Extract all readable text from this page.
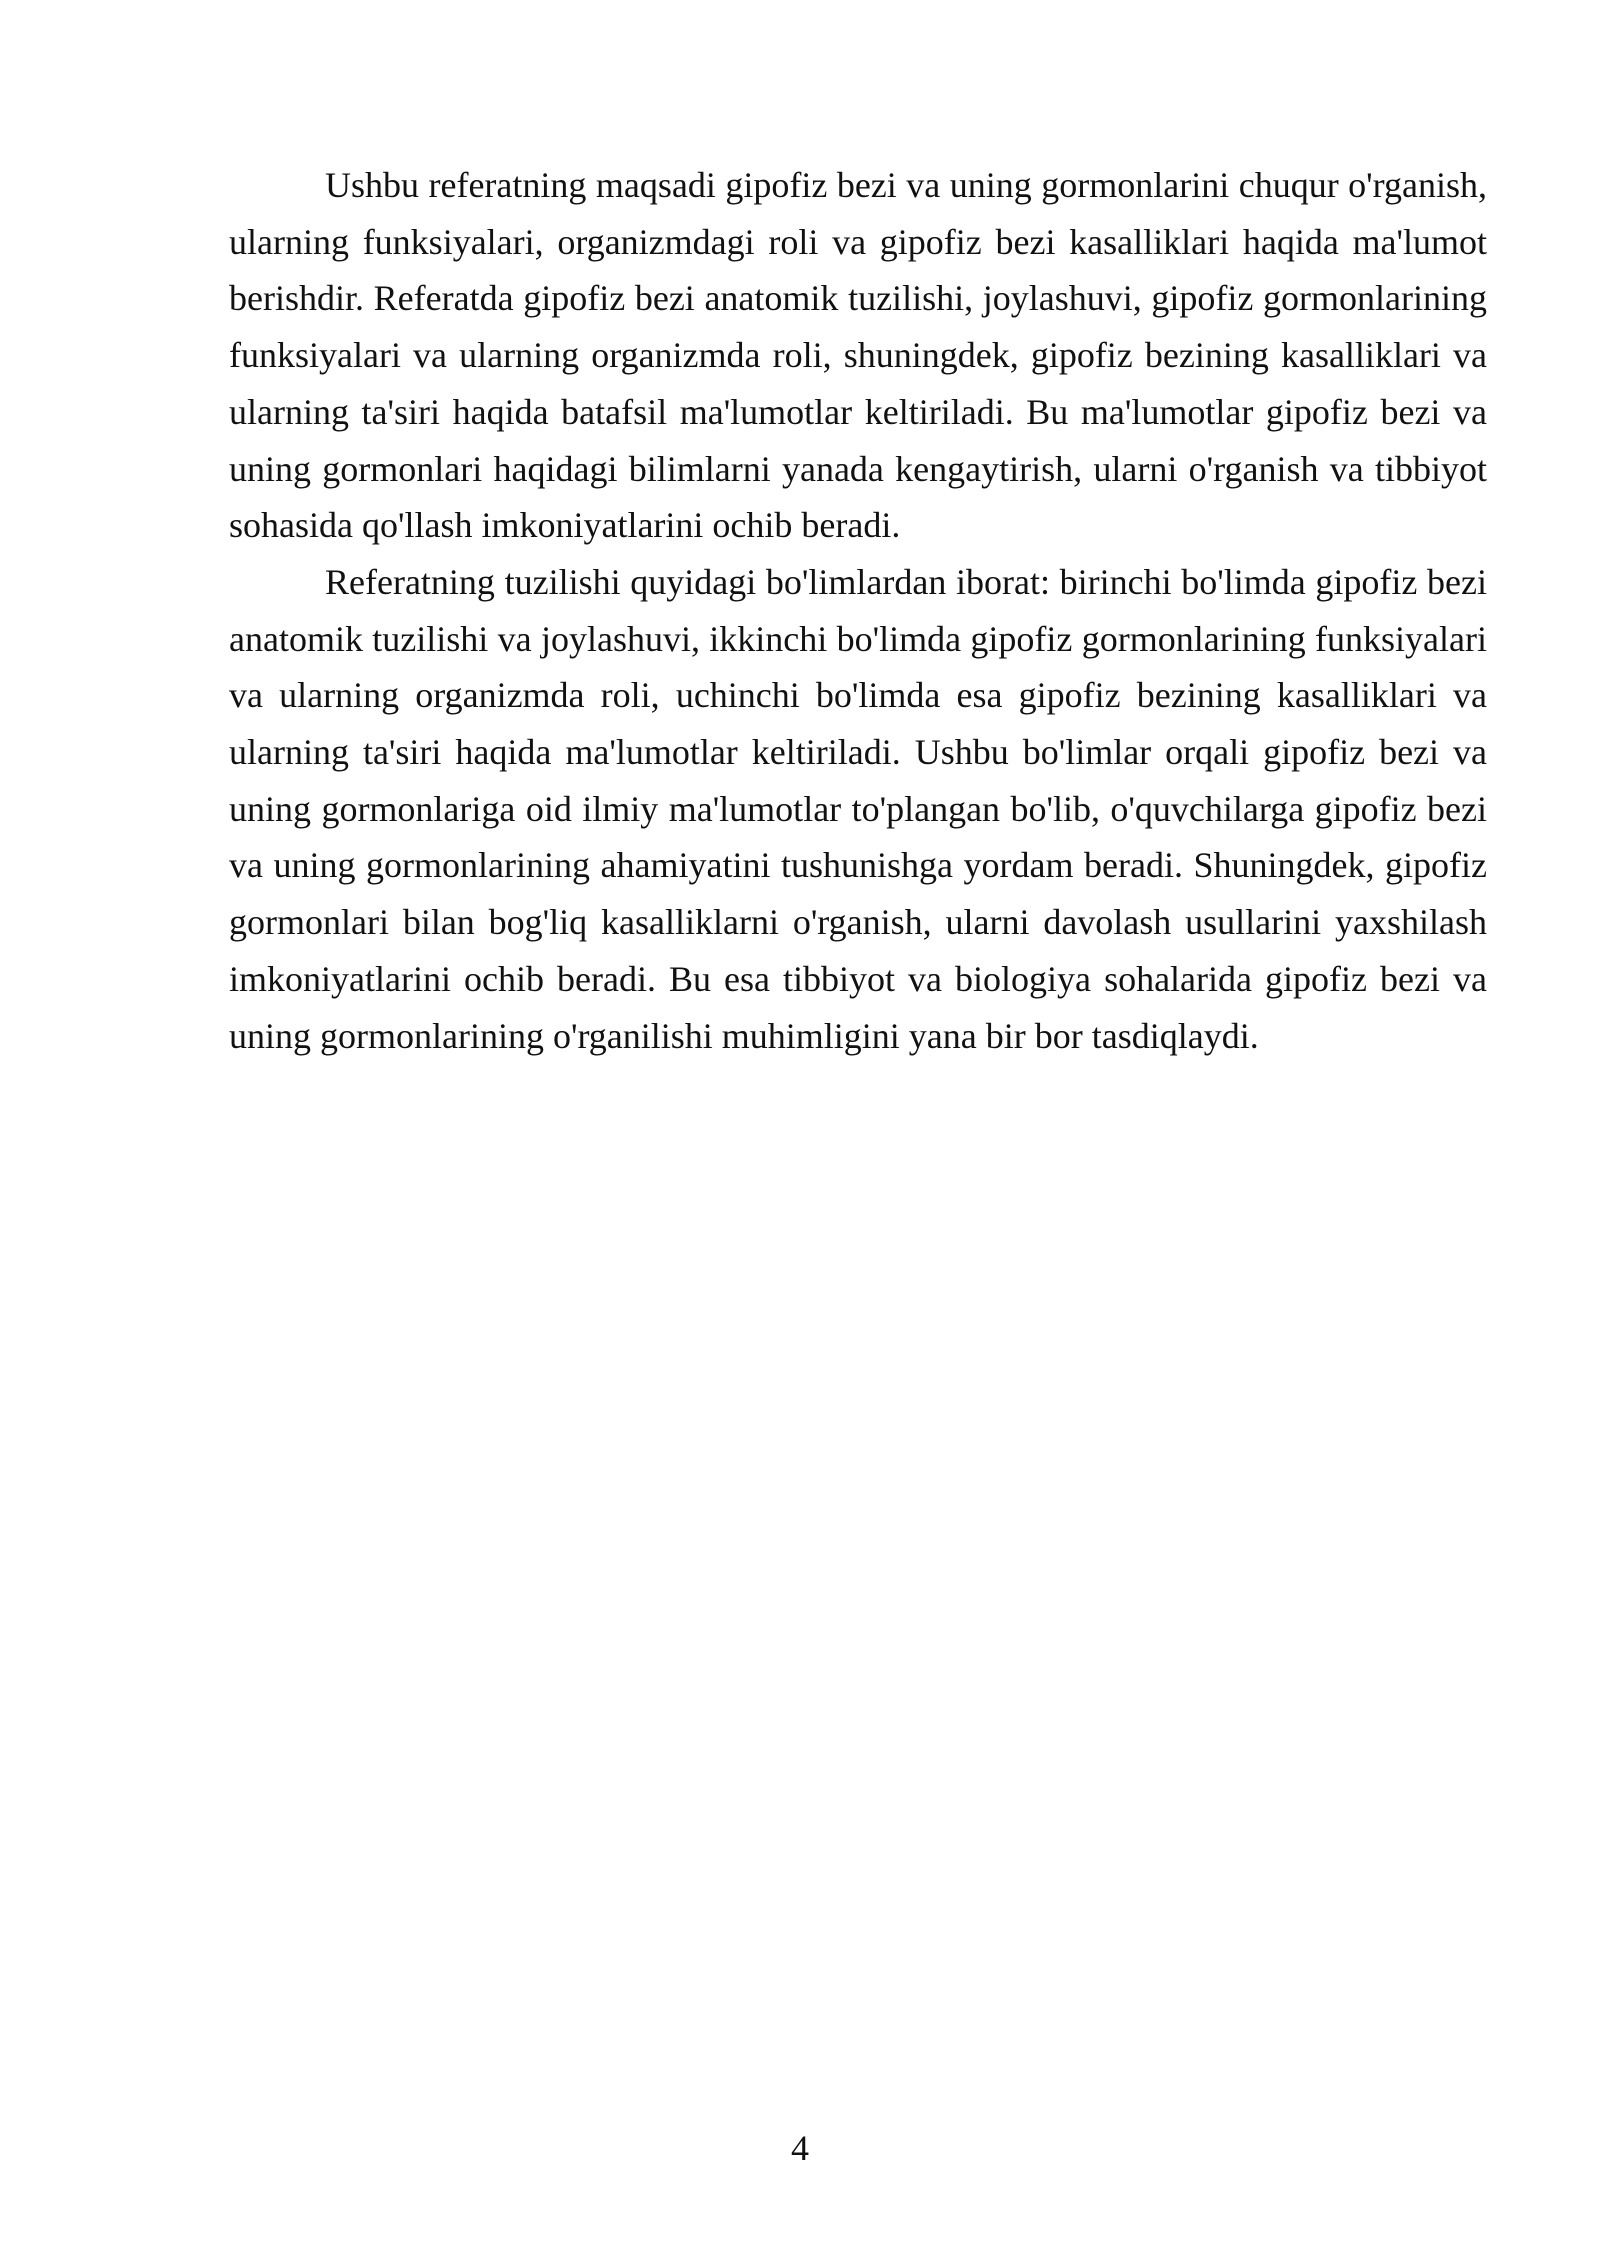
Ushbu referatning maqsadi gipofiz bezi va uning gormonlarini chuqur o'rganish, ularning funksiyalari, organizmdagi roli va gipofiz bezi kasalliklari haqida ma'lumot berishdir. Referatda gipofiz bezi anatomik tuzilishi, joylashuvi, gipofiz gormonlarining funksiyalari va ularning organizmda roli, shuningdek, gipofiz bezining kasalliklari va ularning ta'siri haqida batafsil ma'lumotlar keltiriladi. Bu ma'lumotlar gipofiz bezi va uning gormonlari haqidagi bilimlarni yanada kengaytirish, ularni o'rganish va tibbiyot sohasida qo'llash imkoniyatlarini ochib beradi.

Referatning tuzilishi quyidagi bo'limlardan iborat: birinchi bo'limda gipofiz bezi anatomik tuzilishi va joylashuvi, ikkinchi bo'limda gipofiz gormonlarining funksiyalari va ularning organizmda roli, uchinchi bo'limda esa gipofiz bezining kasalliklari va ularning ta'siri haqida ma'lumotlar keltiriladi. Ushbu bo'limlar orqali gipofiz bezi va uning gormonlariga oid ilmiy ma'lumotlar to'plangan bo'lib, o'quvchilarga gipofiz bezi va uning gormonlarining ahamiyatini tushunishga yordam beradi. Shuningdek, gipofiz gormonlari bilan bog'liq kasalliklarni o'rganish, ularni davolash usullarini yaxshilash imkoniyatlarini ochib beradi. Bu esa tibbiyot va biologiya sohalarida gipofiz bezi va uning gormonlarining o'rganilishi muhimligini yana bir bor tasdiqlaydi.

4
